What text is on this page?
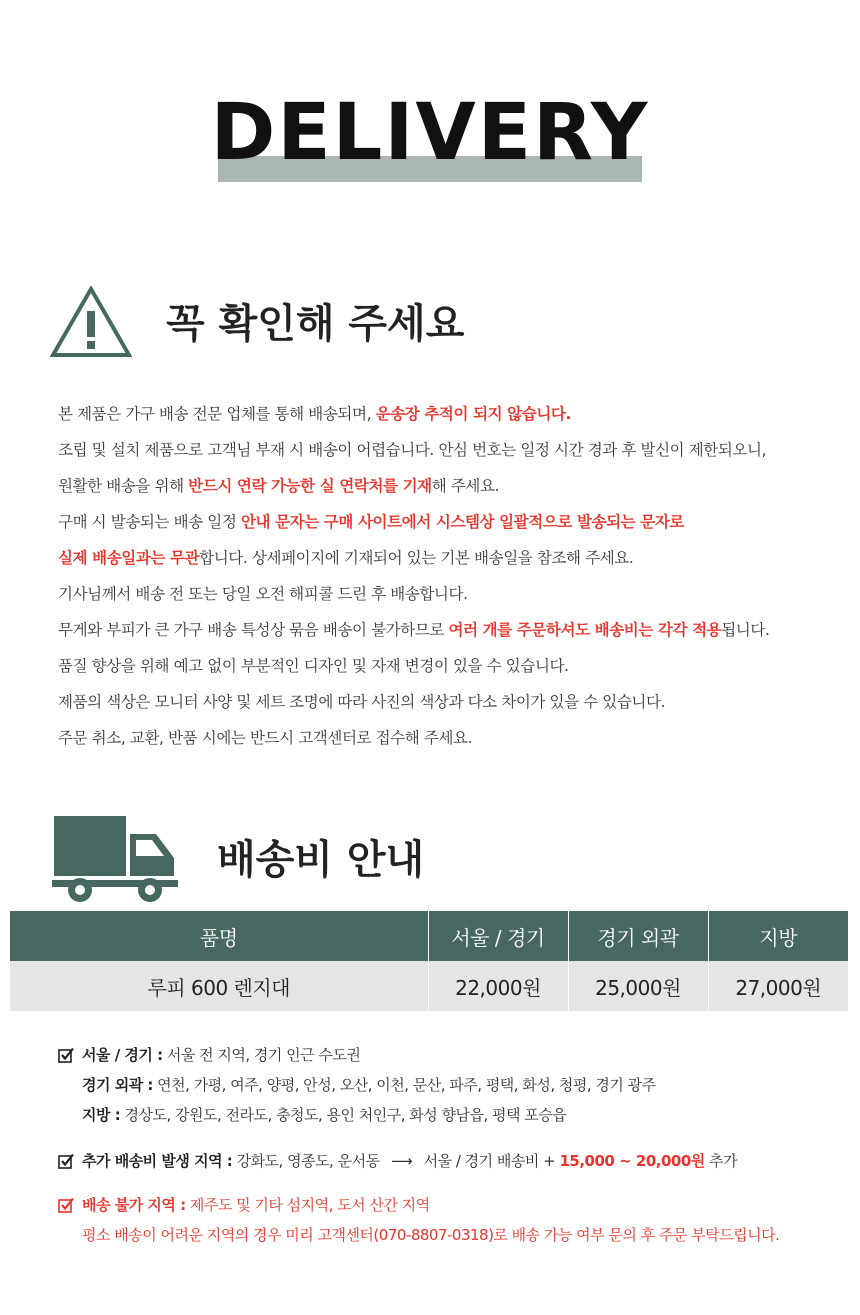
DELIVERY
꼭 확인해 주세요
본 제품은 가구 배송 전문 업체를 통해 배송되며, 운송장 추적이 되지 않습니다.
조립 및 설치 제품으로 고객님 부재 시 배송이 어렵습니다. 안심 번호는 일정 시간 경과 후 발신이 제한되오니,
원활한 배송을 위해 반드시 연락 가능한 실 연락처를 기재해 주세요.
구매 시 발송되는 배송 일정 안내 문자는 구매 사이트에서 시스템상 일괄적으로 발송되는 문자로
실제 배송일과는 무관합니다. 상세페이지에 기재되어 있는 기본 배송일을 참조해 주세요.
기사님께서 배송 전 또는 당일 오전 해피콜 드린 후 배송합니다.
무게와 부피가 큰 가구 배송 특성상 묶음 배송이 불가하므로 여러 개를 주문하셔도 배송비는 각각 적용됩니다.
품질 향상을 위해 예고 없이 부분적인 디자인 및 자재 변경이 있을 수 있습니다.
제품의 색상은 모니터 사양 및 세트 조명에 따라 사진의 색상과 다소 차이가 있을 수 있습니다.
주문 취소, 교환, 반품 시에는 반드시 고객센터로 접수해 주세요.
배송비 안내
품명	서울 / 경기	경기 외곽	지방
루피 600 렌지대	22,000원	25,000원	27,000원
서울 / 경기 : 서울 전 지역, 경기 인근 수도권
경기 외곽 : 연천, 가평, 여주, 양평, 안성, 오산, 이천, 문산, 파주, 평택, 화성, 청평, 경기 광주
지방 : 경상도, 강원도, 전라도, 충청도, 용인 처인구, 화성 향남읍, 평택 포승읍
추가 배송비 발생 지역 : 강화도, 영종도, 운서동 ⟶ 서울 / 경기 배송비 + 15,000 ~ 20,000원 추가
배송 불가 지역 : 제주도 및 기타 섬지역, 도서 산간 지역
평소 배송이 어려운 지역의 경우 미리 고객센터(070-8807-0318)로 배송 가능 여부 문의 후 주문 부탁드립니다.
